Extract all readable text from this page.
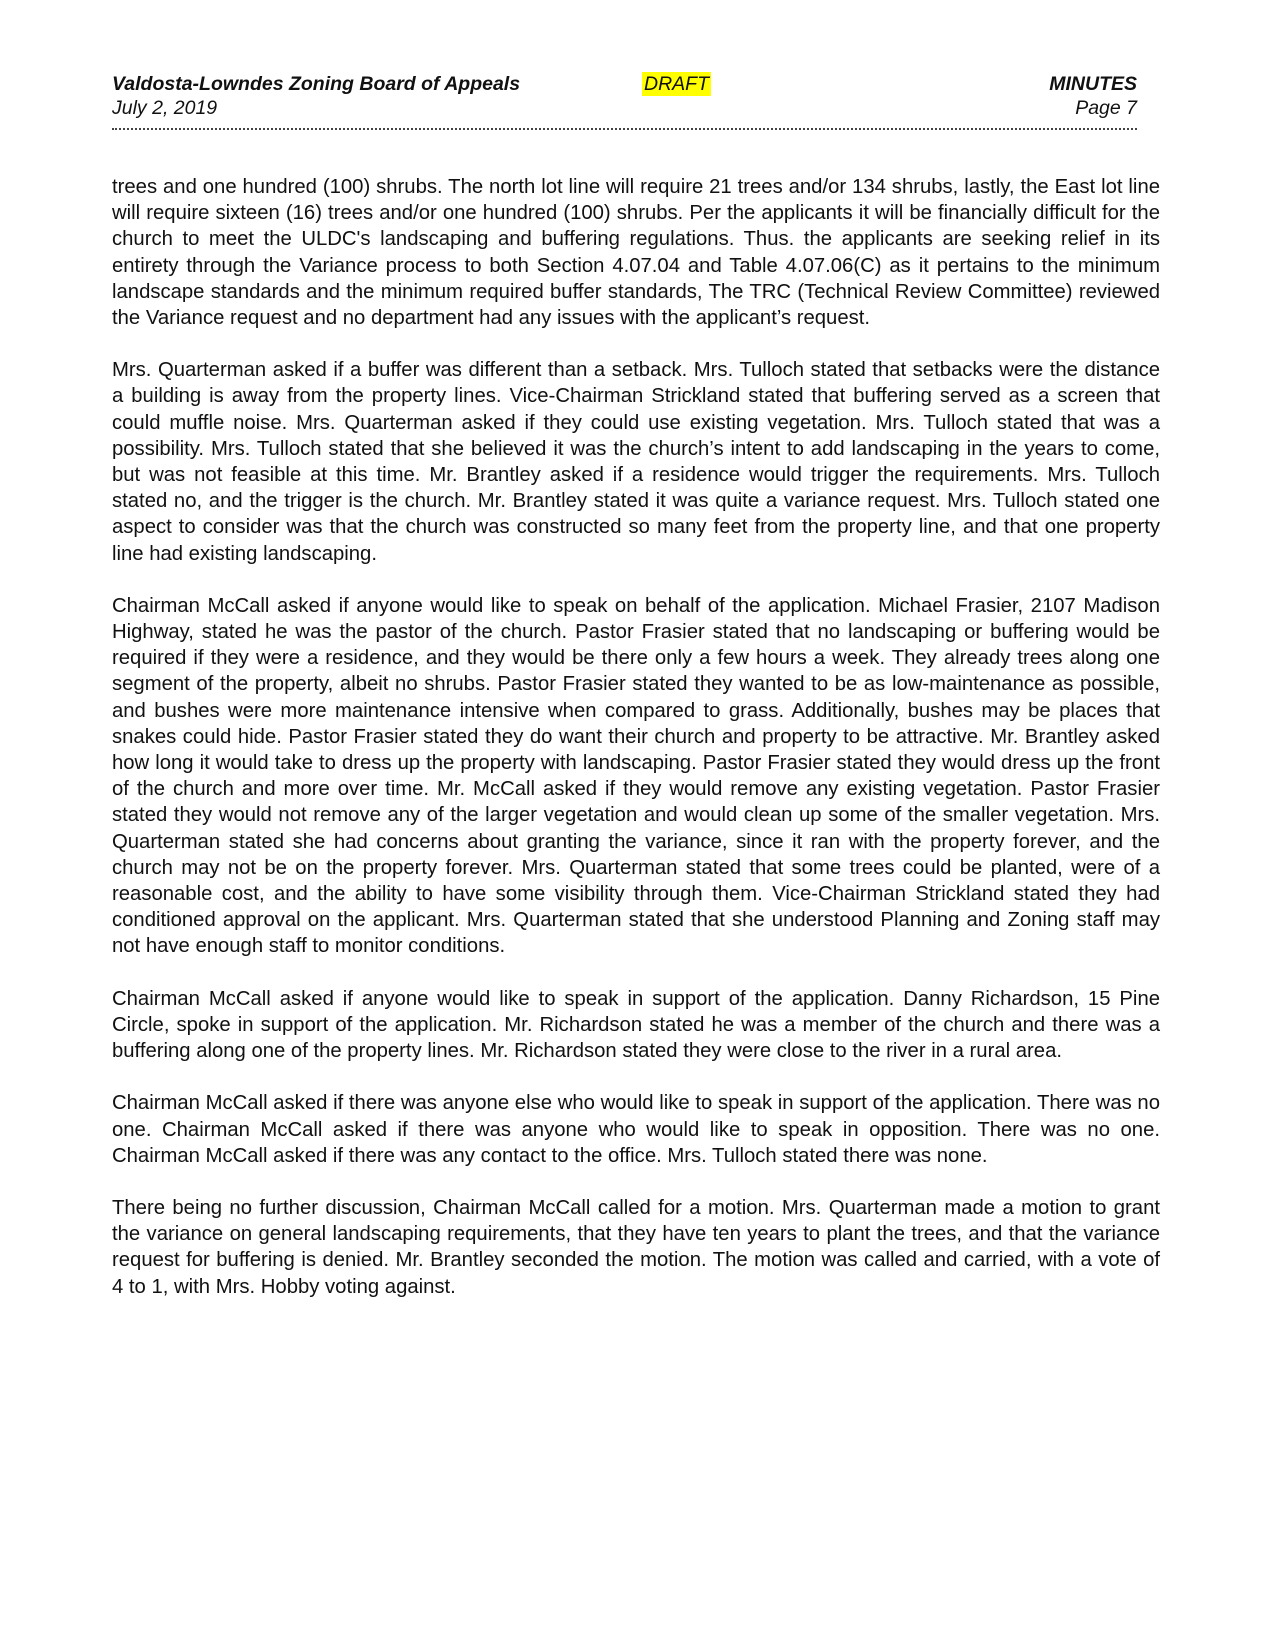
Valdosta-Lowndes Zoning Board of Appeals	DRAFT	MINUTES
July 2, 2019	Page 7

trees and one hundred (100) shrubs. The north lot line will require 21 trees and/or 134 shrubs, lastly, the East lot line will require sixteen (16) trees and/or one hundred (100) shrubs. Per the applicants it will be financially difficult for the church to meet the ULDC's landscaping and buffering regulations. Thus. the applicants are seeking relief in its entirety through the Variance process to both Section 4.07.04 and Table 4.07.06(C) as it pertains to the minimum landscape standards and the minimum required buffer standards, The TRC (Technical Review Committee) reviewed the Variance request and no department had any issues with the applicant’s request.

Mrs. Quarterman asked if a buffer was different than a setback. Mrs. Tulloch stated that setbacks were the distance a building is away from the property lines. Vice-Chairman Strickland stated that buffering served as a screen that could muffle noise. Mrs. Quarterman asked if they could use existing vegetation. Mrs. Tulloch stated that was a possibility. Mrs. Tulloch stated that she believed it was the church’s intent to add landscaping in the years to come, but was not feasible at this time. Mr. Brantley asked if a residence would trigger the requirements. Mrs. Tulloch stated no, and the trigger is the church. Mr. Brantley stated it was quite a variance request. Mrs. Tulloch stated one aspect to consider was that the church was constructed so many feet from the property line, and that one property line had existing landscaping.

Chairman McCall asked if anyone would like to speak on behalf of the application. Michael Frasier, 2107 Madison Highway, stated he was the pastor of the church. Pastor Frasier stated that no landscaping or buffering would be required if they were a residence, and they would be there only a few hours a week. They already trees along one segment of the property, albeit no shrubs. Pastor Frasier stated they wanted to be as low-maintenance as possible, and bushes were more maintenance intensive when compared to grass. Additionally, bushes may be places that snakes could hide. Pastor Frasier stated they do want their church and property to be attractive. Mr. Brantley asked how long it would take to dress up the property with landscaping. Pastor Frasier stated they would dress up the front of the church and more over time. Mr. McCall asked if they would remove any existing vegetation. Pastor Frasier stated they would not remove any of the larger vegetation and would clean up some of the smaller vegetation. Mrs. Quarterman stated she had concerns about granting the variance, since it ran with the property forever, and the church may not be on the property forever. Mrs. Quarterman stated that some trees could be planted, were of a reasonable cost, and the ability to have some visibility through them. Vice-Chairman Strickland stated they had conditioned approval on the applicant. Mrs. Quarterman stated that she understood Planning and Zoning staff may not have enough staff to monitor conditions.

Chairman McCall asked if anyone would like to speak in support of the application. Danny Richardson, 15 Pine Circle, spoke in support of the application. Mr. Richardson stated he was a member of the church and there was a buffering along one of the property lines. Mr. Richardson stated they were close to the river in a rural area.

Chairman McCall asked if there was anyone else who would like to speak in support of the application. There was no one. Chairman McCall asked if there was anyone who would like to speak in opposition. There was no one. Chairman McCall asked if there was any contact to the office. Mrs. Tulloch stated there was none.

There being no further discussion, Chairman McCall called for a motion. Mrs. Quarterman made a motion to grant the variance on general landscaping requirements, that they have ten years to plant the trees, and that the variance request for buffering is denied. Mr. Brantley seconded the motion. The motion was called and carried, with a vote of 4 to 1, with Mrs. Hobby voting against.
